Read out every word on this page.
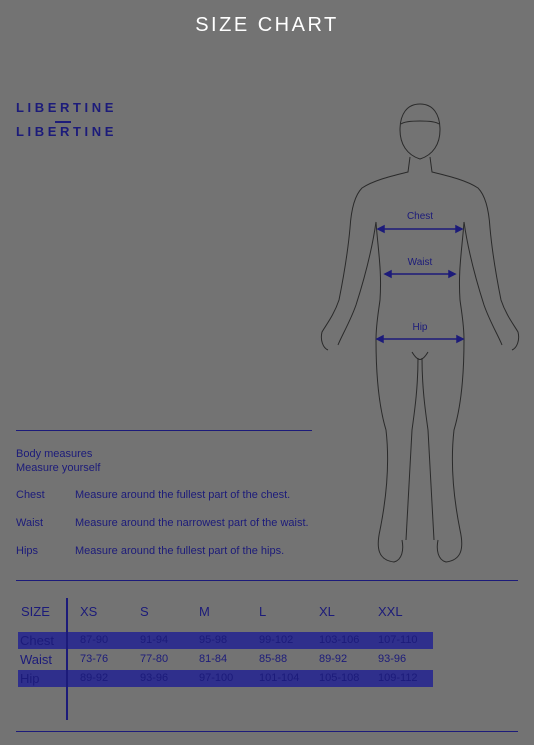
SIZE CHART
LIBERTINE
LIBERTINE
Chest
Waist
Hip
Body measures
Measure yourself
Chest	Measure around the fullest part of the chest.
Waist	Measure around the narrowest part of the waist.
Hips	Measure around the fullest part of the hips.
SIZE XS	S	M	L	XL	XXL
Chest 87-90	91-94	95-98	99-102 103-106 107-110
Waist	73-76	77-80	81-84	85-88	89-92	93-96
Hip	89-92	93-96	97-100 101-104 105-108 109-112
